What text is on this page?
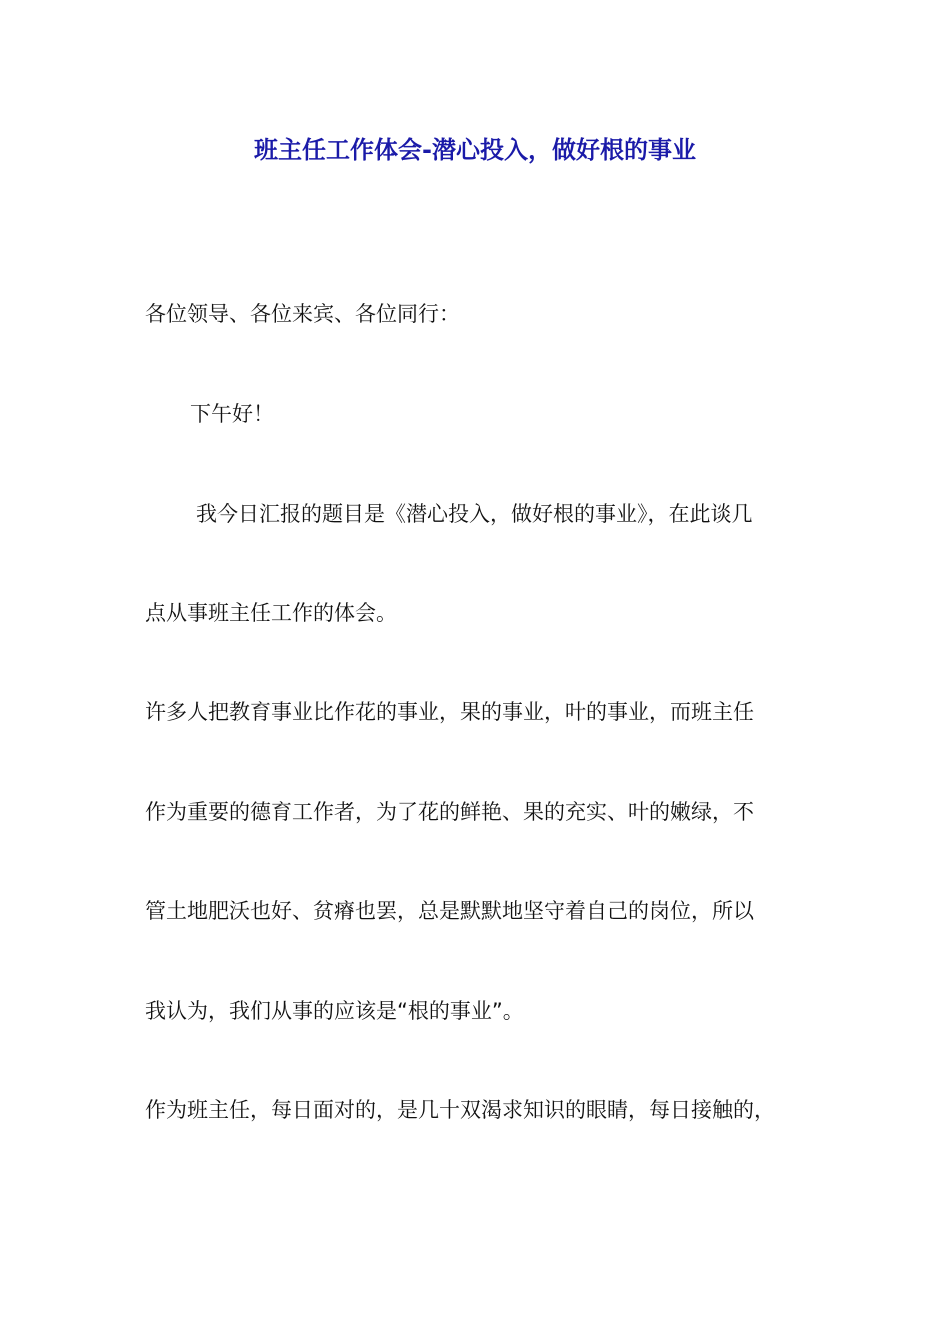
班主任工作体会-潜心投入，做好根的事业

各位领导、各位来宾、各位同行：

下午好！

我今日汇报的题目是《潜心投入，做好根的事业》，在此谈几

点从事班主任工作的体会。

许多人把教育事业比作花的事业，果的事业，叶的事业，而班主任

作为重要的德育工作者，为了花的鲜艳、果的充实、叶的嫩绿，不

管土地肥沃也好、贫瘠也罢，总是默默地坚守着自己的岗位，所以

我认为，我们从事的应该是“根的事业”。

作为班主任，每日面对的，是几十双渴求知识的眼睛，每日接触的，
